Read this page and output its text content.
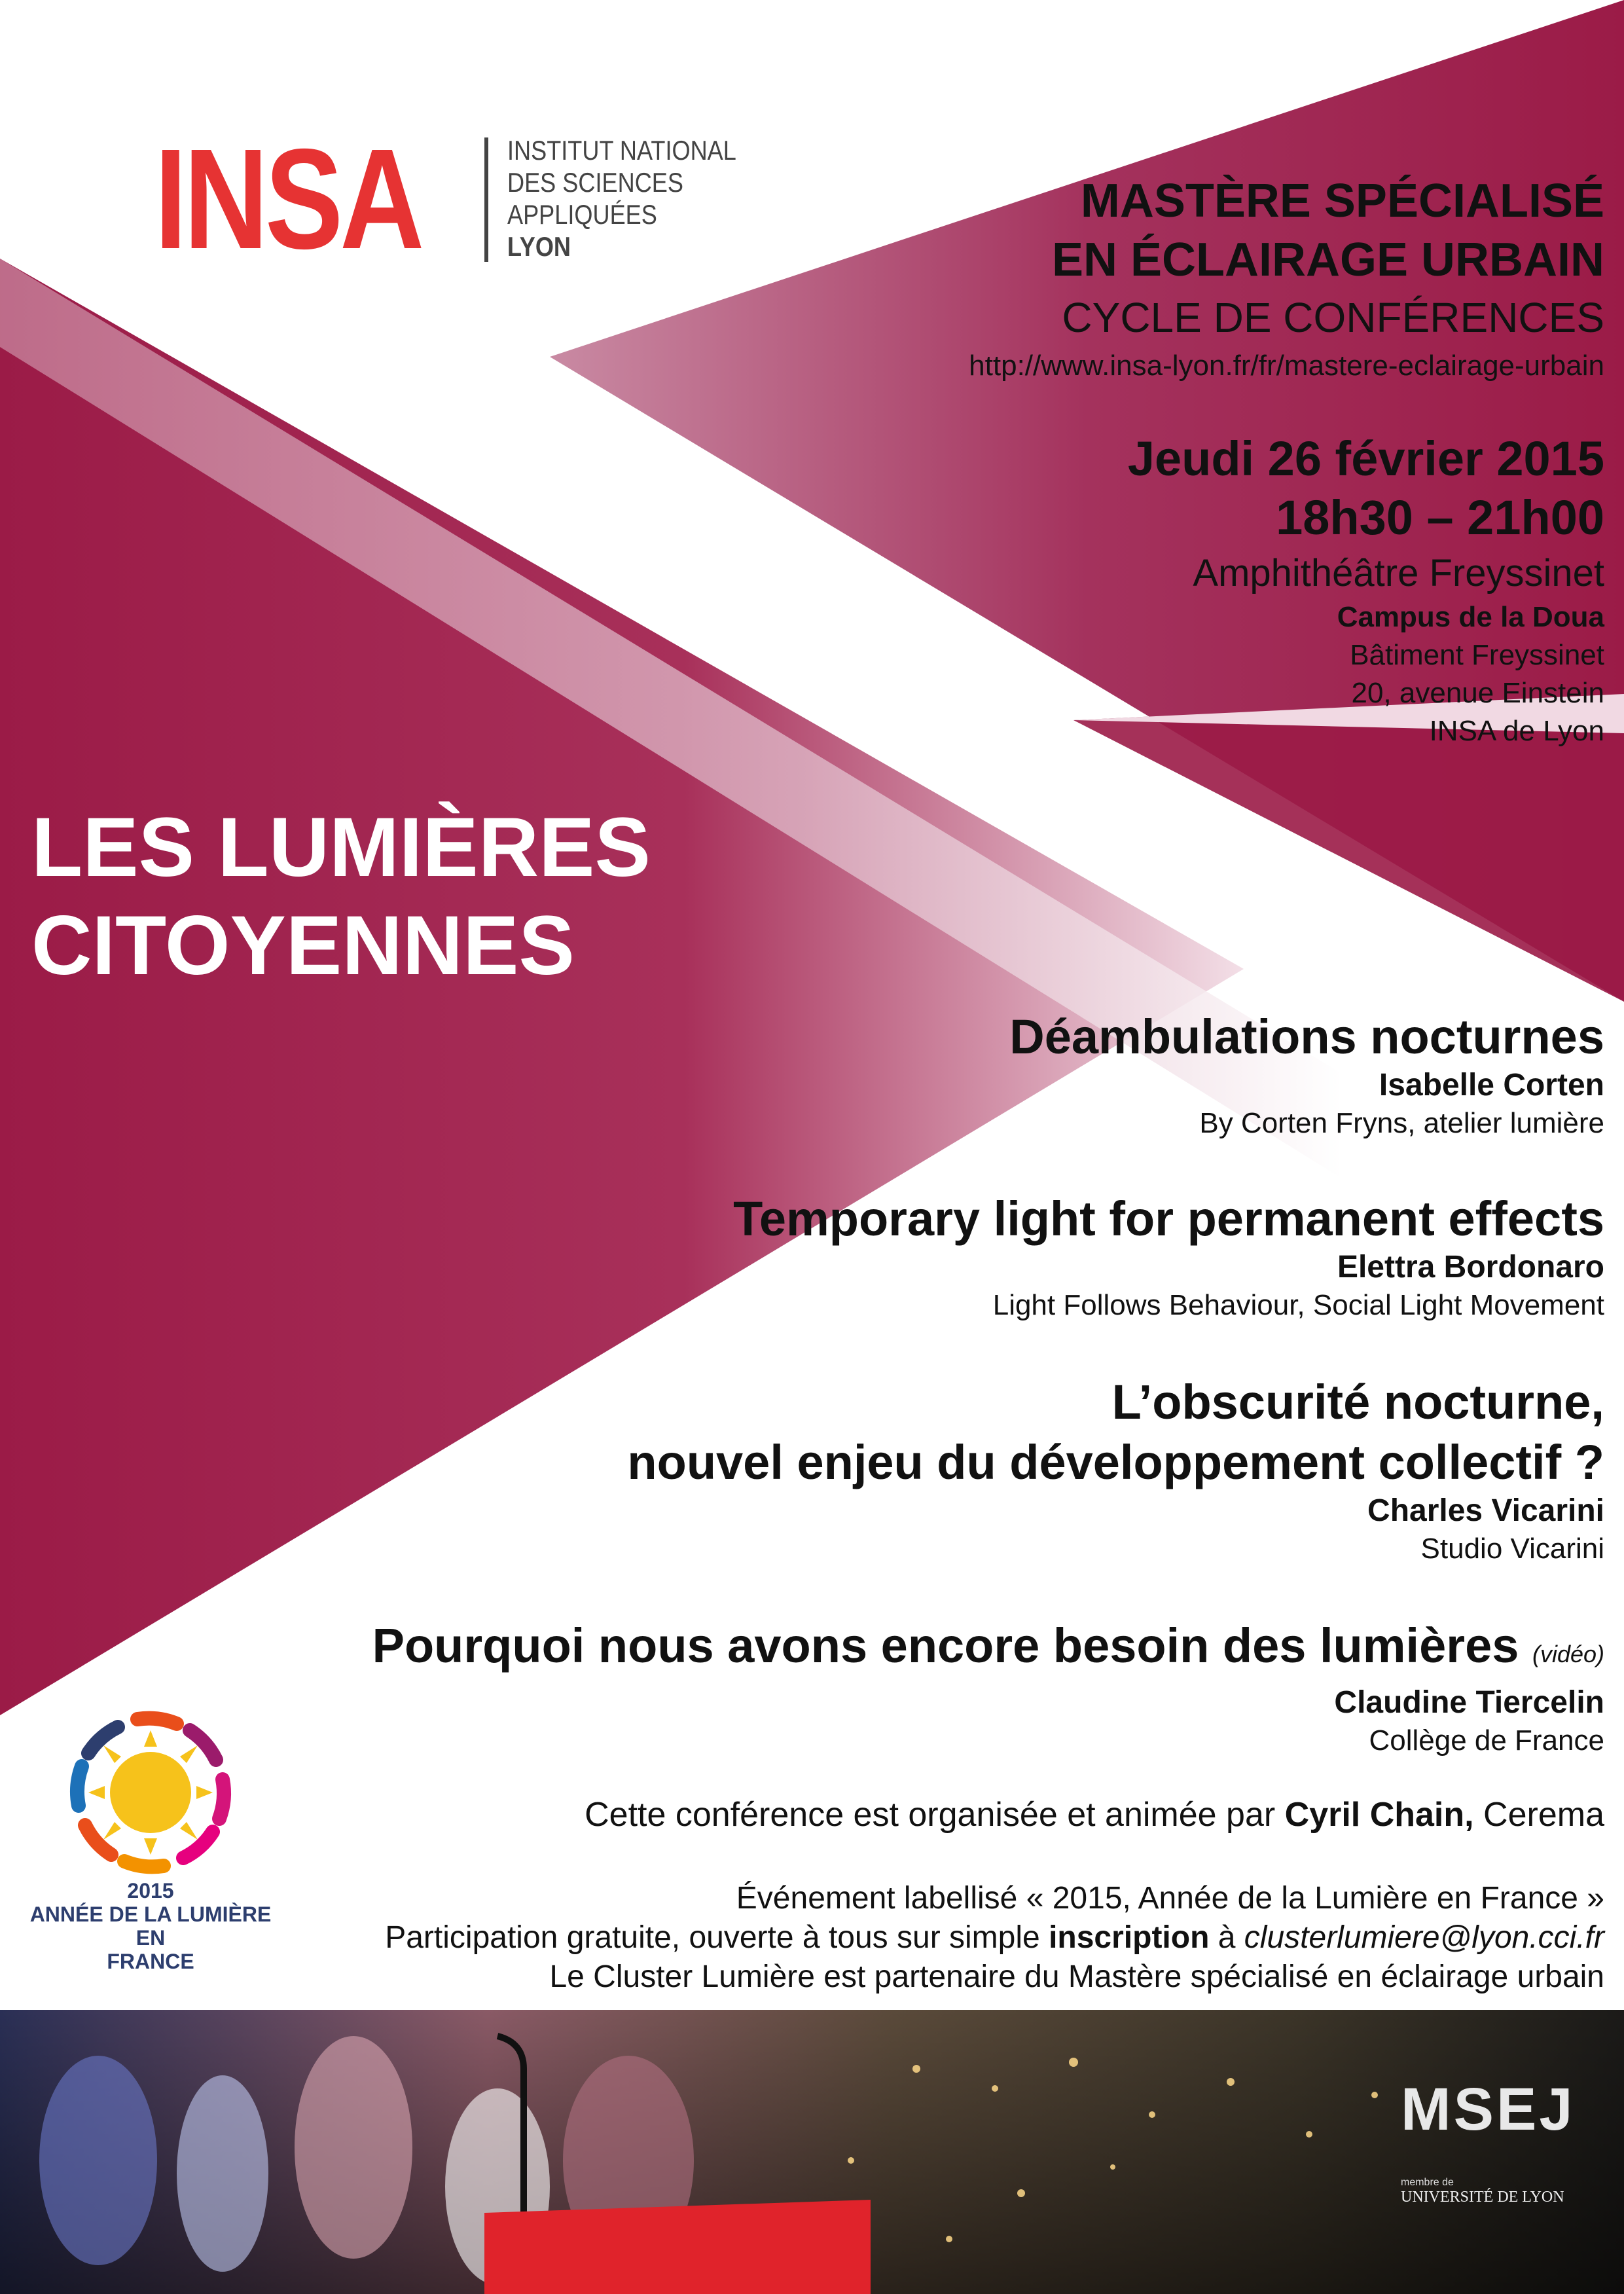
INSA	INSTITUT NATIONAL
DES SCIENCES
APPLIQUÉES
LYON
MASTÈRE SPÉCIALISÉ
EN ÉCLAIRAGE URBAIN
CYCLE DE CONFÉRENCES
http://www.insa-lyon.fr/fr/mastere-eclairage-urbain
Jeudi 26 février 2015
18h30 – 21h00
Amphithéâtre Freyssinet
Campus de la Doua
Bâtiment Freyssinet
20, avenue Einstein
INSA de Lyon
LES LUMIÈRES
CITOYENNES
Déambulations nocturnes
Isabelle Corten
By Corten Fryns, atelier lumière
Temporary light for permanent effects
Elettra Bordonaro
Light Follows Behaviour, Social Light Movement
L’obscurité nocturne,
nouvel enjeu du développement collectif ?
Charles Vicarini
Studio Vicarini
Pourquoi nous avons encore besoin des lumières (vidéo)
Claudine Tiercelin
Collège de France
Cette conférence est organisée et animée par Cyril Chain, Cerema
Événement labellisé « 2015, Année de la Lumière en France »
Participation gratuite, ouverte à tous sur simple inscription à clusterlumiere@lyon.cci.fr
Le Cluster Lumière est partenaire du Mastère spécialisé en éclairage urbain
2015
ANNÉE DE LA LUMIÈRE
EN
FRANCE
MSEJ
membre de
UNIVERSITÉ DE LYON
